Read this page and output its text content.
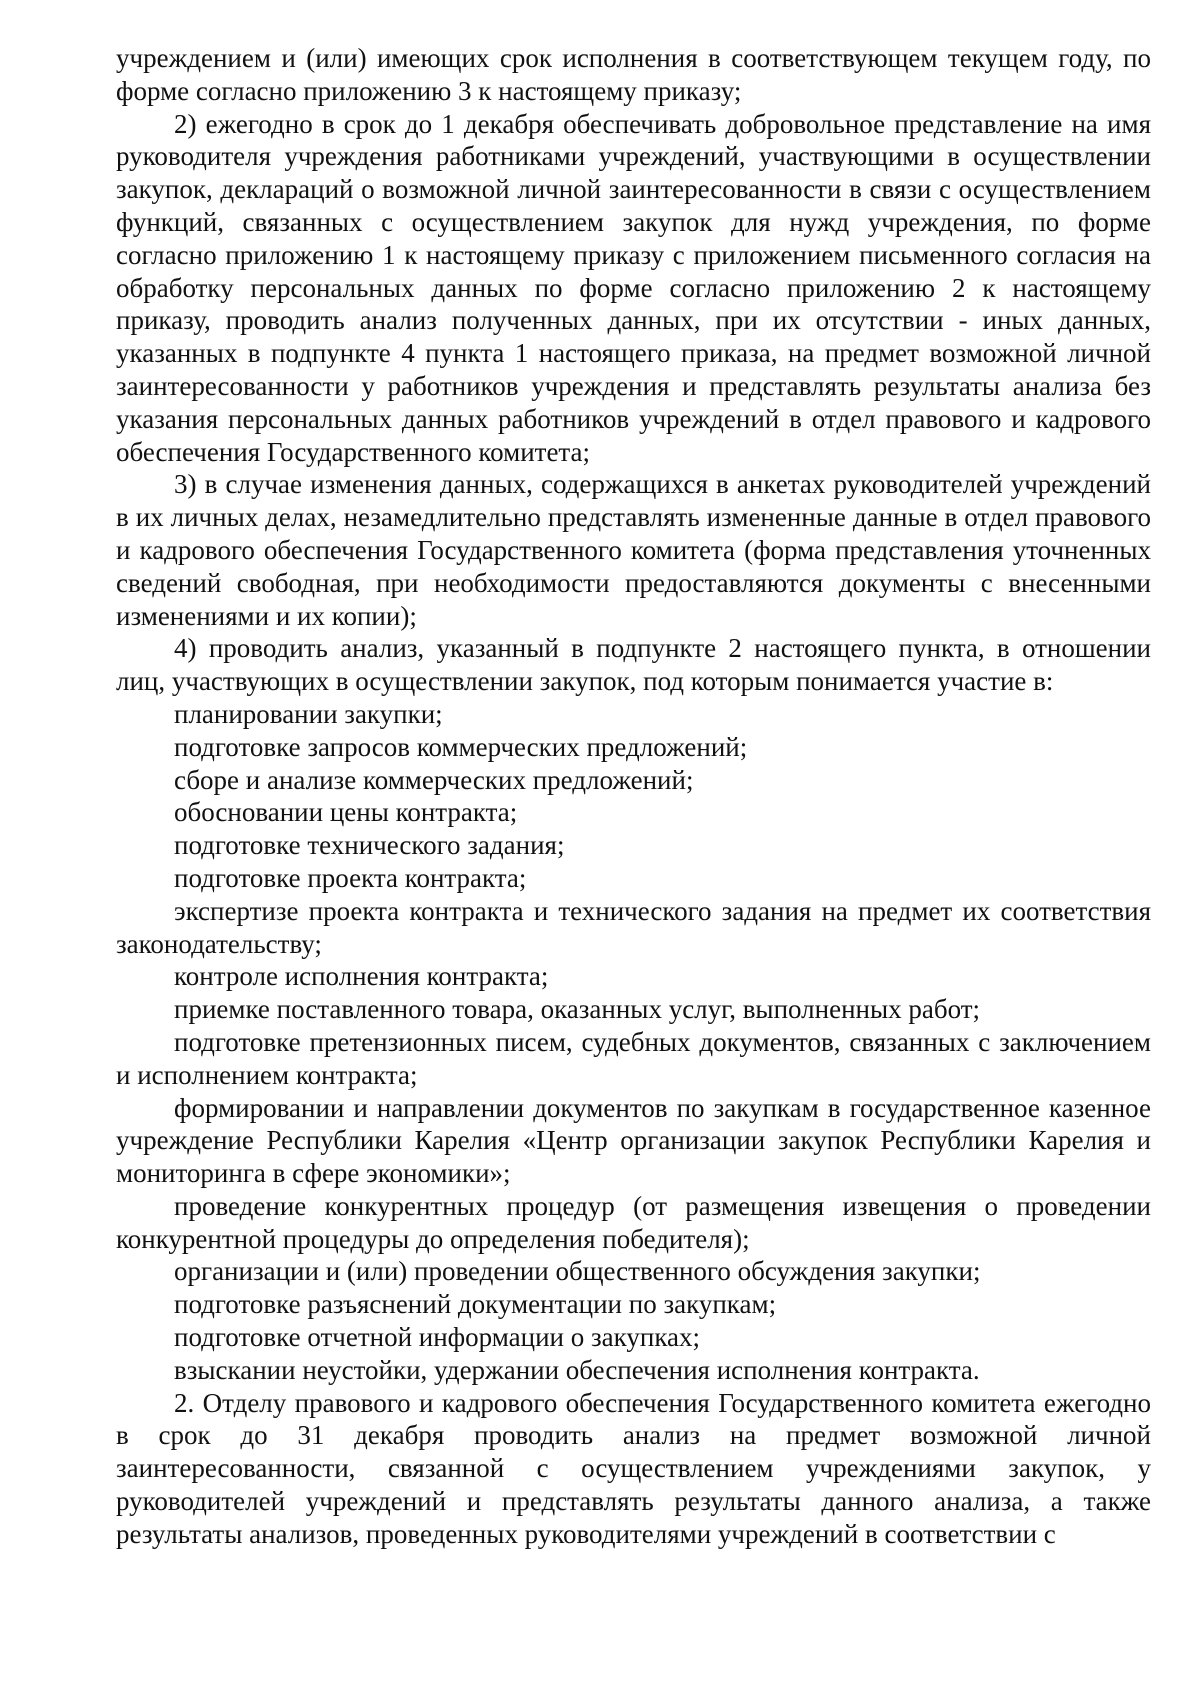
учреждением и (или) имеющих срок исполнения в соответствующем текущем году, по форме согласно приложению 3 к настоящему приказу;

2) ежегодно в срок до 1 декабря обеспечивать добровольное представление на имя руководителя учреждения работниками учреждений, участвующими в осуществлении закупок, деклараций о возможной личной заинтересованности в связи с осуществлением функций, связанных с осуществлением закупок для нужд учреждения, по форме согласно приложению 1 к настоящему приказу с приложением письменного согласия на обработку персональных данных по форме согласно приложению 2 к настоящему приказу, проводить анализ полученных данных, при их отсутствии - иных данных, указанных в подпункте 4 пункта 1 настоящего приказа, на предмет возможной личной заинтересованности у работников учреждения и представлять результаты анализа без указания персональных данных работников учреждений в отдел правового и кадрового обеспечения Государственного комитета;

3) в случае изменения данных, содержащихся в анкетах руководителей учреждений в их личных делах, незамедлительно представлять измененные данные в отдел правового и кадрового обеспечения Государственного комитета (форма представления уточненных сведений свободная, при необходимости предоставляются документы с внесенными изменениями и их копии);

4) проводить анализ, указанный в подпункте 2 настоящего пункта, в отношении лиц, участвующих в осуществлении закупок, под которым понимается участие в:

планировании закупки;

подготовке запросов коммерческих предложений;

сборе и анализе коммерческих предложений;

обосновании цены контракта;

подготовке технического задания;

подготовке проекта контракта;

экспертизе проекта контракта и технического задания на предмет их соответствия законодательству;

контроле исполнения контракта;

приемке поставленного товара, оказанных услуг, выполненных работ;

подготовке претензионных писем, судебных документов, связанных с заключением и исполнением контракта;

формировании и направлении документов по закупкам в государственное казенное учреждение Республики Карелия «Центр организации закупок Республики Карелия и мониторинга в сфере экономики»;

проведение конкурентных процедур (от размещения извещения о проведении конкурентной процедуры до определения победителя);

организации и (или) проведении общественного обсуждения закупки;

подготовке разъяснений документации по закупкам;

подготовке отчетной информации о закупках;

взыскании неустойки, удержании обеспечения исполнения контракта.

2. Отделу правового и кадрового обеспечения Государственного комитета ежегодно в срок до 31 декабря проводить анализ на предмет возможной личной заинтересованности, связанной с осуществлением учреждениями закупок, у руководителей учреждений и представлять результаты данного анализа, а также результаты анализов, проведенных руководителями учреждений в соответствии с
